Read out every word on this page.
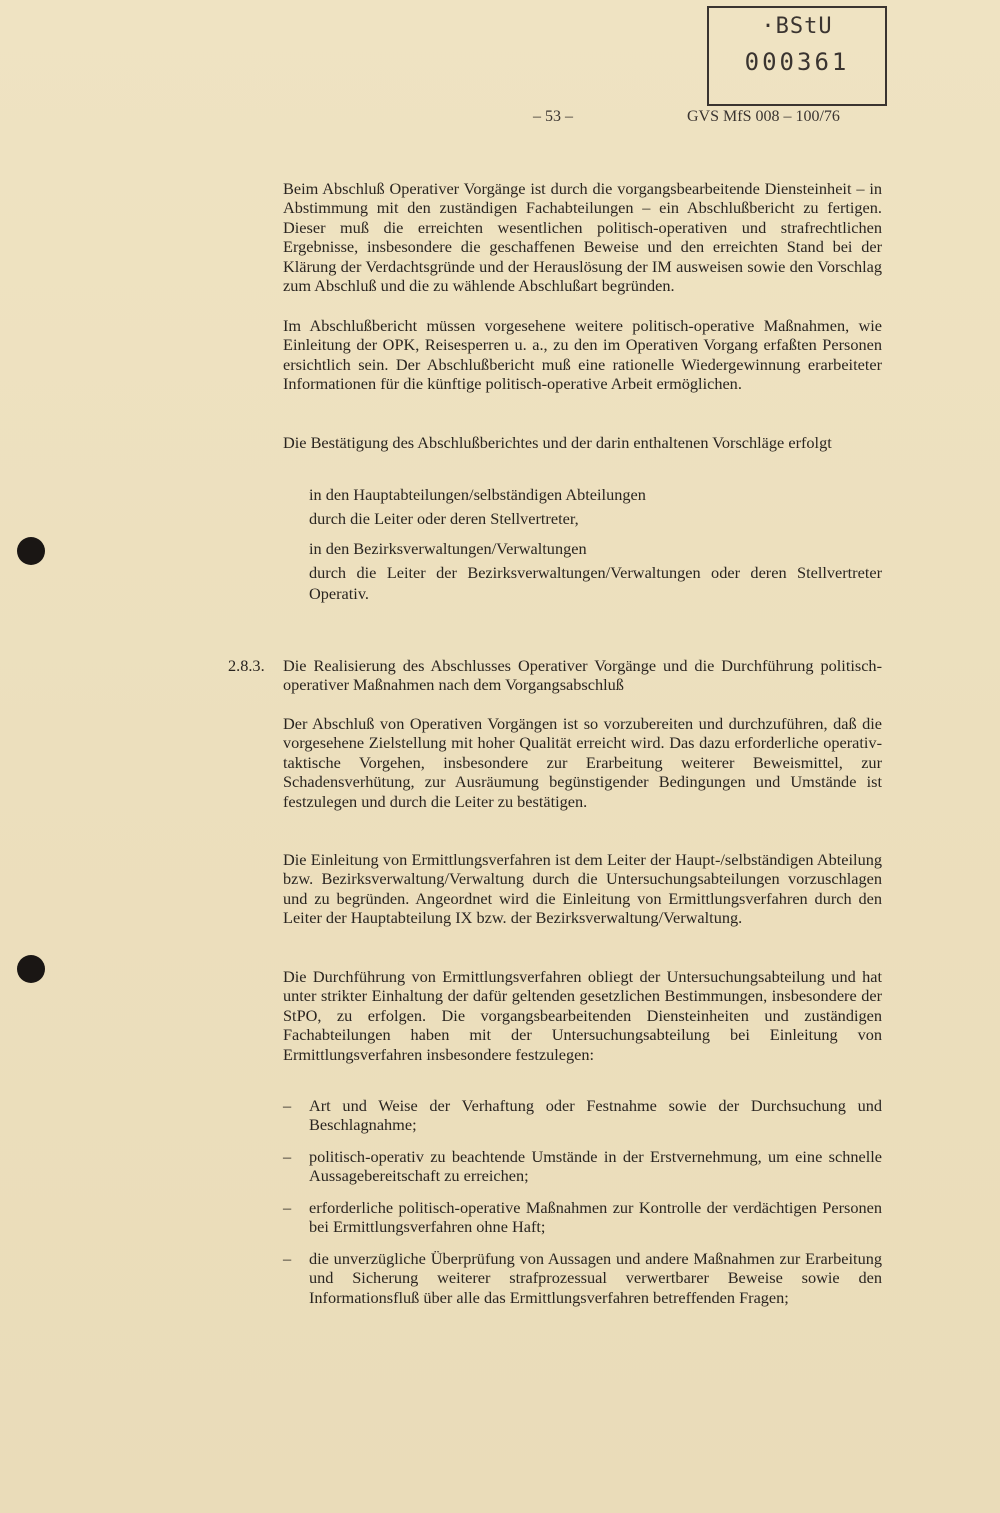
·BStU
000361
– 53 –	GVS MfS 008 – 100/76

Beim Abschluß Operativer Vorgänge ist durch die vorgangsbearbeitende Diensteinheit – in Abstimmung mit den zuständigen Fachabteilungen – ein Abschlußbericht zu fertigen. Dieser muß die erreichten wesentlichen politisch-operativen und strafrechtlichen Ergebnisse, insbesondere die geschaffenen Beweise und den erreichten Stand bei der Klärung der Verdachtsgründe und der Herauslösung der IM ausweisen sowie den Vorschlag zum Abschluß und die zu wählende Abschlußart begründen.

Im Abschlußbericht müssen vorgesehene weitere politisch-operative Maßnahmen, wie Einleitung der OPK, Reisesperren u. a., zu den im Operativen Vorgang erfaßten Personen ersichtlich sein. Der Abschlußbericht muß eine rationelle Wiedergewinnung erarbeiteter Informationen für die künftige politisch-operative Arbeit ermöglichen.

Die Bestätigung des Abschlußberichtes und der darin enthaltenen Vorschläge erfolgt

in den Hauptabteilungen/selbständigen Abteilungen
durch die Leiter oder deren Stellvertreter,
in den Bezirksverwaltungen/Verwaltungen
durch die Leiter der Bezirksverwaltungen/Verwaltungen oder deren Stellvertreter Operativ.
2.8.3. Die Realisierung des Abschlusses Operativer Vorgänge und die Durchführung politisch-operativer Maßnahmen nach dem Vorgangsabschluß

Der Abschluß von Operativen Vorgängen ist so vorzubereiten und durchzuführen, daß die vorgesehene Zielstellung mit hoher Qualität erreicht wird. Das dazu erforderliche operativ-taktische Vorgehen, insbesondere zur Erarbeitung weiterer Beweismittel, zur Schadensverhütung, zur Ausräumung begünstigender Bedingungen und Umstände ist festzulegen und durch die Leiter zu bestätigen.

Die Einleitung von Ermittlungsverfahren ist dem Leiter der Haupt-/selbständigen Abteilung bzw. Bezirksverwaltung/Verwaltung durch die Untersuchungsabteilungen vorzuschlagen und zu begründen. Angeordnet wird die Einleitung von Ermittlungsverfahren durch den Leiter der Hauptabteilung IX bzw. der Bezirksverwaltung/Verwaltung.

Die Durchführung von Ermittlungsverfahren obliegt der Untersuchungsabteilung und hat unter strikter Einhaltung der dafür geltenden gesetzlichen Bestimmungen, insbesondere der StPO, zu erfolgen. Die vorgangsbearbeitenden Diensteinheiten und zuständigen Fachabteilungen haben mit der Untersuchungsabteilung bei Einleitung von Ermittlungsverfahren insbesondere festzulegen:

– Art und Weise der Verhaftung oder Festnahme sowie der Durchsuchung und Beschlagnahme;
– politisch-operativ zu beachtende Umstände in der Erstvernehmung, um eine schnelle Aussagebereitschaft zu erreichen;
– erforderliche politisch-operative Maßnahmen zur Kontrolle der verdächtigen Personen bei Ermittlungsverfahren ohne Haft;
– die unverzügliche Überprüfung von Aussagen und andere Maßnahmen zur Erarbeitung und Sicherung weiterer strafprozessual verwertbarer Beweise sowie den Informationsfluß über alle das Ermittlungsverfahren betreffenden Fragen;
